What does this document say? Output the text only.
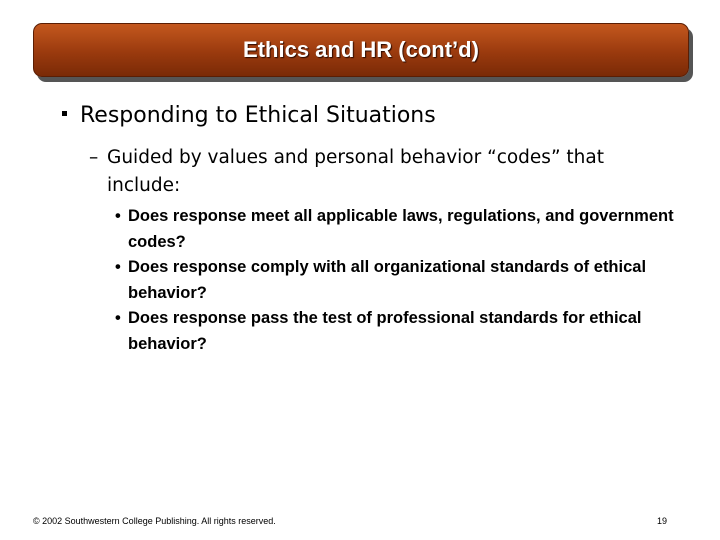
Ethics and HR (cont’d)
Responding to Ethical Situations
– Guided by values and personal behavior “codes” that include:
• Does response meet all applicable laws, regulations, and government codes?
• Does response comply with all organizational standards of ethical behavior?
• Does response pass the test of professional standards for ethical behavior?
© 2002 Southwestern College Publishing. All rights reserved.	19
